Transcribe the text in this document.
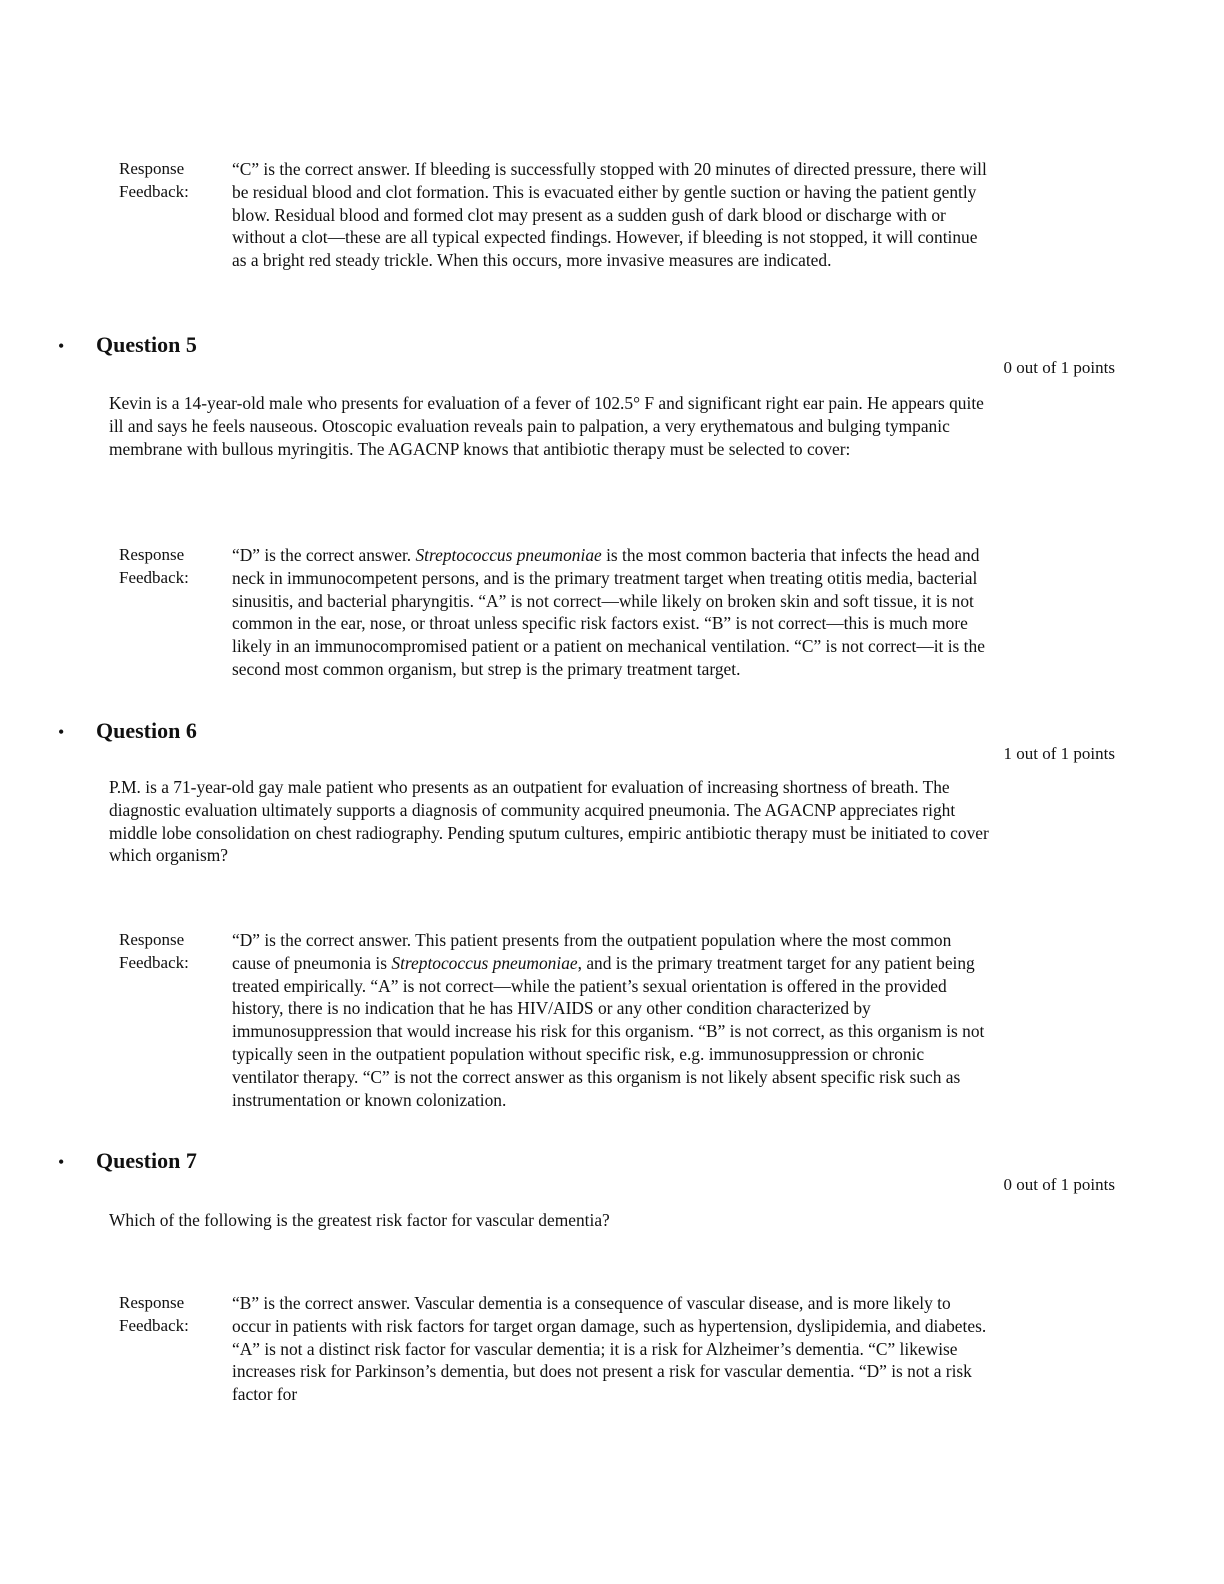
Response
Feedback:
“C” is the correct answer. If bleeding is successfully stopped with 20 minutes of directed pressure, there will be residual blood and clot formation. This is evacuated either by gentle suction or having the patient gently blow. Residual blood and formed clot may present as a sudden gush of dark blood or discharge with or without a clot—these are all typical expected findings. However, if bleeding is not stopped, it will continue as a bright red steady trickle. When this occurs, more invasive measures are indicated.
• Question 5
0 out of 1 points
Kevin is a 14-year-old male who presents for evaluation of a fever of 102.5° F and significant right ear pain. He appears quite ill and says he feels nauseous. Otoscopic evaluation reveals pain to palpation, a very erythematous and bulging tympanic membrane with bullous myringitis. The AGACNP knows that antibiotic therapy must be selected to cover:
Response
Feedback:
“D” is the correct answer. Streptococcus pneumoniae is the most common bacteria that infects the head and neck in immunocompetent persons, and is the primary treatment target when treating otitis media, bacterial sinusitis, and bacterial pharyngitis. “A” is not correct—while likely on broken skin and soft tissue, it is not common in the ear, nose, or throat unless specific risk factors exist. “B” is not correct—this is much more likely in an immunocompromised patient or a patient on mechanical ventilation. “C” is not correct—it is the second most common organism, but strep is the primary treatment target.
• Question 6
1 out of 1 points
P.M. is a 71-year-old gay male patient who presents as an outpatient for evaluation of increasing shortness of breath. The diagnostic evaluation ultimately supports a diagnosis of community acquired pneumonia. The AGACNP appreciates right middle lobe consolidation on chest radiography. Pending sputum cultures, empiric antibiotic therapy must be initiated to cover which organism?
Response
Feedback:
“D” is the correct answer. This patient presents from the outpatient population where the most common cause of pneumonia is Streptococcus pneumoniae, and is the primary treatment target for any patient being treated empirically. “A” is not correct—while the patient’s sexual orientation is offered in the provided history, there is no indication that he has HIV/AIDS or any other condition characterized by immunosuppression that would increase his risk for this organism. “B” is not correct, as this organism is not typically seen in the outpatient population without specific risk, e.g. immunosuppression or chronic ventilator therapy. “C” is not the correct answer as this organism is not likely absent specific risk such as instrumentation or known colonization.
• Question 7
0 out of 1 points
Which of the following is the greatest risk factor for vascular dementia?
Response
Feedback:
“B” is the correct answer. Vascular dementia is a consequence of vascular disease, and is more likely to occur in patients with risk factors for target organ damage, such as hypertension, dyslipidemia, and diabetes. “A” is not a distinct risk factor for vascular dementia; it is a risk for Alzheimer’s dementia. “C” likewise increases risk for Parkinson’s dementia, but does not present a risk for vascular dementia. “D” is not a risk factor for
